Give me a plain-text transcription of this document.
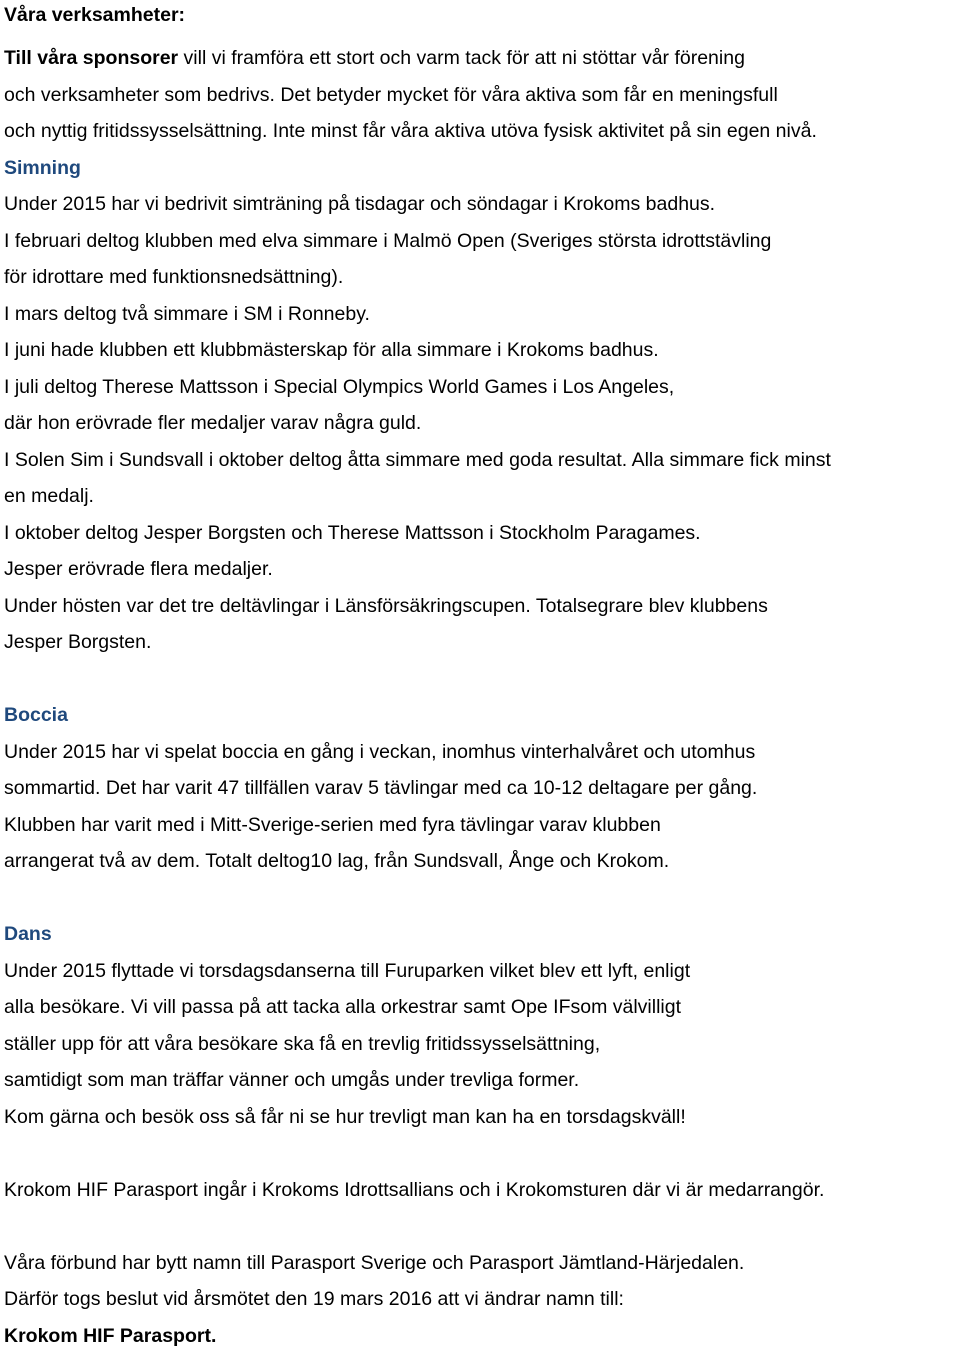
Våra verksamheter:

Till våra sponsorer vill vi framföra ett stort och varm tack för att ni stöttar vår förening

och verksamheter som bedrivs. Det betyder mycket för våra aktiva som får en meningsfull

och nyttig fritidssysselsättning. Inte minst får våra aktiva utöva fysisk aktivitet på sin egen nivå.

Simning

Under 2015 har vi bedrivit simträning på tisdagar och söndagar i Krokoms badhus.

I februari deltog klubben med elva simmare i Malmö Open (Sveriges största idrottstävling

för idrottare med funktionsnedsättning).

I mars deltog två simmare i SM i Ronneby.

I juni hade klubben ett klubbmästerskap för alla simmare i Krokoms badhus.

I juli deltog Therese Mattsson i Special Olympics World Games i Los Angeles,

där hon erövrade fler medaljer varav några guld.

I Solen Sim i Sundsvall i oktober deltog åtta simmare med goda resultat. Alla simmare fick minst

en medalj.

I oktober deltog Jesper Borgsten och Therese Mattsson i Stockholm Paragames.

Jesper erövrade flera medaljer.

Under hösten var det tre deltävlingar i Länsförsäkringscupen. Totalsegrare blev klubbens

Jesper Borgsten.

Boccia

Under 2015 har vi spelat boccia en gång i veckan, inomhus vinterhalvåret och utomhus

sommartid. Det har varit 47 tillfällen varav 5 tävlingar med ca 10-12 deltagare per gång.

Klubben har varit med i Mitt-Sverige-serien med fyra tävlingar varav klubben

arrangerat två av dem. Totalt deltog10 lag, från Sundsvall, Ånge och Krokom.

Dans

Under 2015 flyttade vi torsdagsdanserna till Furuparken vilket blev ett lyft, enligt

alla besökare. Vi vill passa på att tacka alla orkestrar samt Ope IFsom välvilligt

ställer upp för att våra besökare ska få en trevlig fritidssysselsättning,

samtidigt som man träffar vänner och umgås under trevliga former.

Kom gärna och besök oss så får ni se hur trevligt man kan ha en torsdagskväll!

Krokom HIF Parasport ingår i Krokoms Idrottsallians och i Krokomsturen där vi är medarrangör.

Våra förbund har bytt namn till Parasport Sverige och Parasport Jämtland-Härjedalen.

Därför togs beslut vid årsmötet den 19 mars 2016 att vi ändrar namn till:

Krokom HIF Parasport.
